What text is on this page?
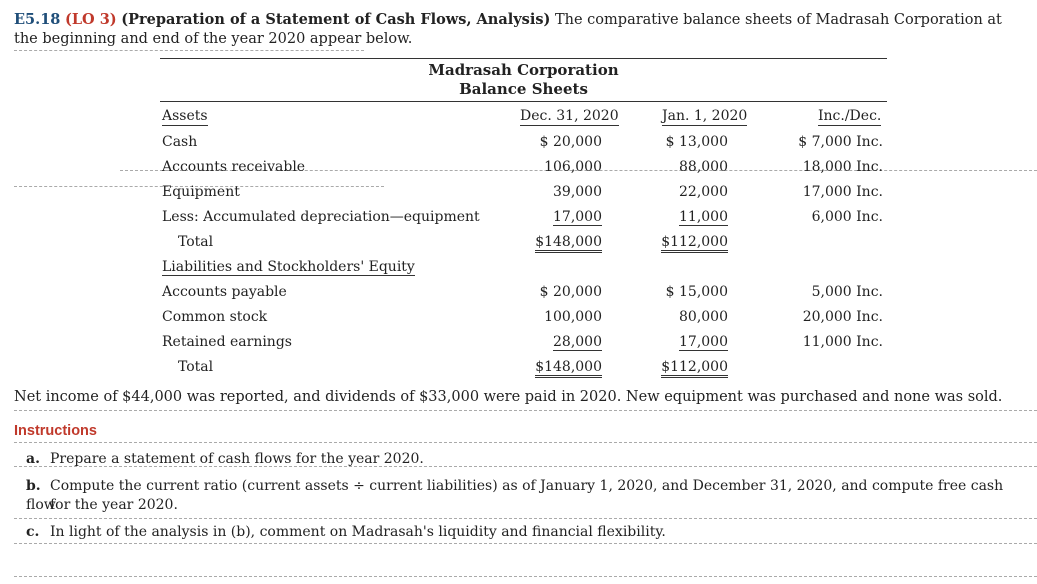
E5.18 (LO 3) (Preparation of a Statement of Cash Flows, Analysis) The comparative balance sheets of Madrasah Corporation at the beginning and end of the year 2020 appear below.
Madrasah Corporation
Balance Sheets
Assets	Dec. 31, 2020	Jan. 1, 2020	Inc./Dec.
Cash	$ 20,000	$ 13,000	$ 7,000 Inc.
Accounts receivable	106,000	88,000	18,000 Inc.
Equipment	39,000	22,000	17,000 Inc.
Less: Accumulated depreciation—equipment	17,000	11,000	6,000 Inc.
Total	$148,000	$112,000
Liabilities and Stockholders' Equity
Accounts payable	$ 20,000	$ 15,000	5,000 Inc.
Common stock	100,000	80,000	20,000 Inc.
Retained earnings	28,000	17,000	11,000 Inc.
Total	$148,000	$112,000
Net income of $44,000 was reported, and dividends of $33,000 were paid in 2020. New equipment was purchased and none was sold.
Instructions
a. Prepare a statement of cash flows for the year 2020.
b. Compute the current ratio (current assets ÷ current liabilities) as of January 1, 2020, and December 31, 2020, and compute free cash flow
for the year 2020.
c. In light of the analysis in (b), comment on Madrasah's liquidity and financial flexibility.
